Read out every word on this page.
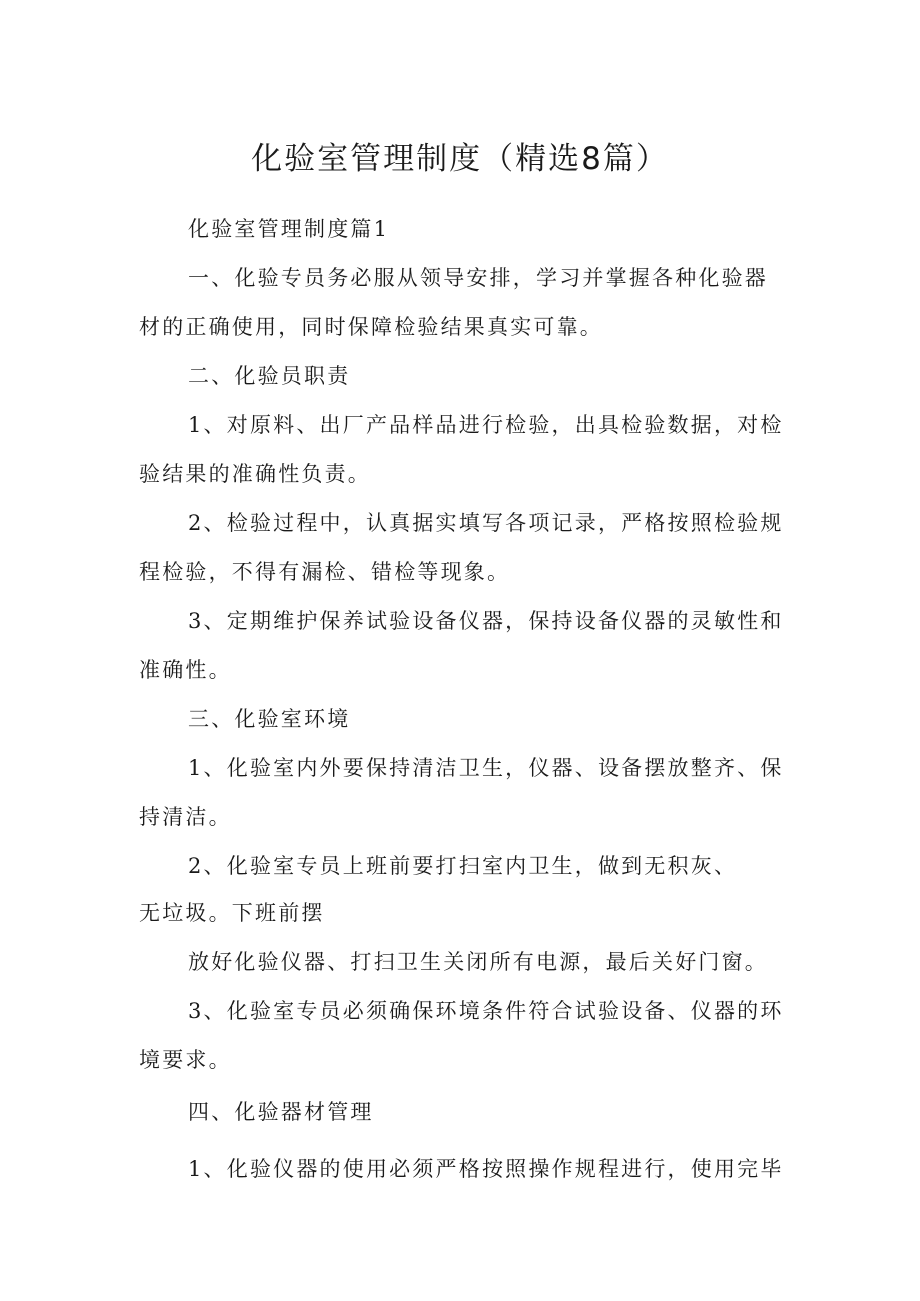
化验室管理制度（精选8篇）
化验室管理制度篇1
一、化验专员务必服从领导安排，学习并掌握各种化验器
材的正确使用，同时保障检验结果真实可靠。
二、化验员职责
1、对原料、出厂产品样品进行检验，出具检验数据，对检
验结果的准确性负责。
2、检验过程中，认真据实填写各项记录，严格按照检验规
程检验，不得有漏检、错检等现象。
3、定期维护保养试验设备仪器，保持设备仪器的灵敏性和
准确性。
三、化验室环境
1、化验室内外要保持清洁卫生，仪器、设备摆放整齐、保
持清洁。
2、化验室专员上班前要打扫室内卫生，做到无积灰、
无垃圾。下班前摆
放好化验仪器、打扫卫生关闭所有电源，最后关好门窗。
3、化验室专员必须确保环境条件符合试验设备、仪器的环
境要求。
四、化验器材管理
1、化验仪器的使用必须严格按照操作规程进行，使用完毕
